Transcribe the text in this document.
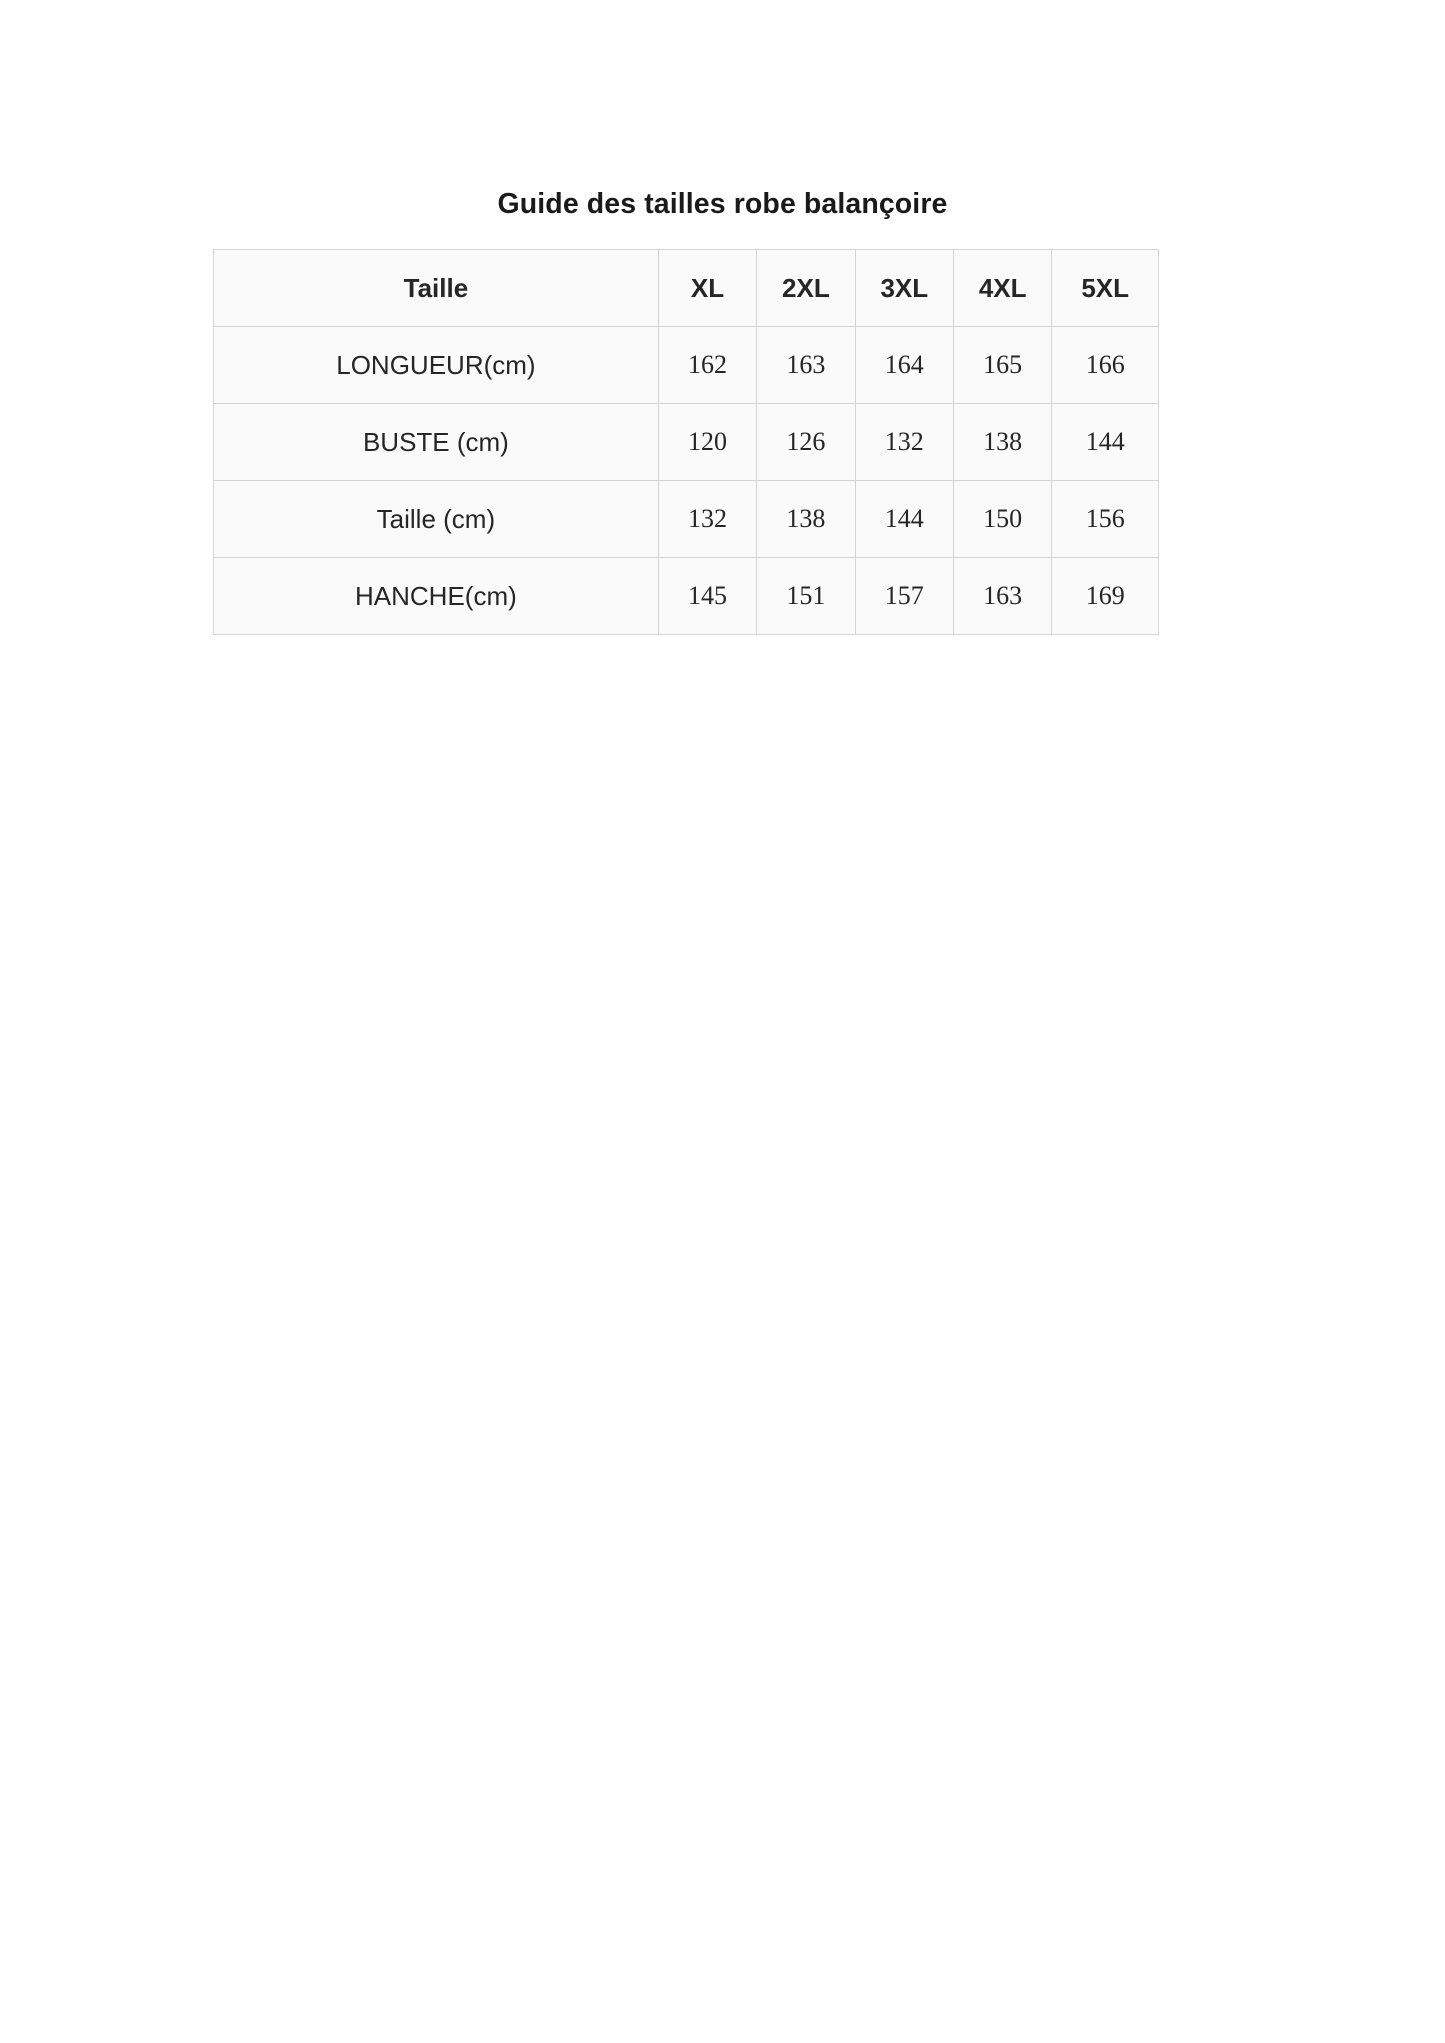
Guide des tailles robe balançoire
Taille	XL	2XL	3XL	4XL	5XL
LONGUEUR(cm)	162	163	164	165	166
BUSTE (cm)	120	126	132	138	144
Taille (cm)	132	138	144	150	156
HANCHE(cm)	145	151	157	163	169
